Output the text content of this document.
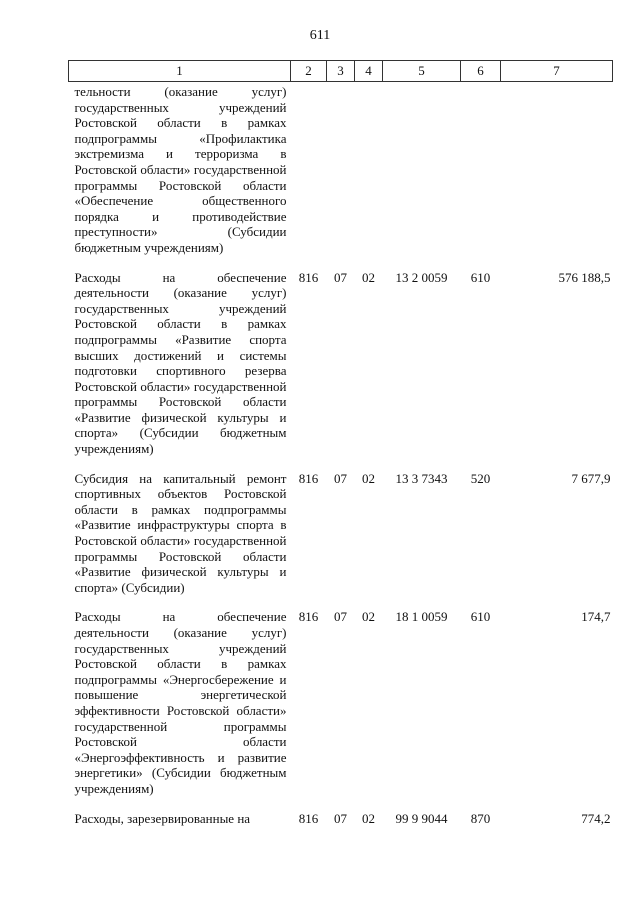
611
1	2	3	4	5	6	7
тельности (оказание услуг) государственных учреждений Ростовской области в рамках подпрограммы «Профилактика экстремизма и терроризма в Ростовской области» государственной программы Ростовской области «Обеспечение общественного порядка и противодействие преступности» (Субсидии бюджетным учреждениям)						
Расходы на обеспечение деятельности (оказание услуг) государственных учреждений Ростовской области в рамках подпрограммы «Развитие спорта высших достижений и системы подготовки спортивного резерва Ростовской области» государственной программы Ростовской области «Развитие физической культуры и спорта» (Субсидии бюджетным учреждениям)	816	07	02	13 2 0059	610	576 188,5
Субсидия на капитальный ремонт спортивных объектов Ростовской области в рамках подпрограммы «Развитие инфраструктуры спорта в Ростовской области» государственной программы Ростовской области «Развитие физической культуры и спорта» (Субсидии)	816	07	02	13 3 7343	520	7 677,9
Расходы на обеспечение деятельности (оказание услуг) государственных учреждений Ростовской области в рамках подпрограммы «Энергосбережение и повышение энергетической эффективности Ростовской области» государственной программы Ростовской области «Энергоэффективность и развитие энергетики» (Субсидии бюджетным учреждениям)	816	07	02	18 1 0059	610	174,7
Расходы, зарезервированные на	816	07	02	99 9 9044	870	774,2
